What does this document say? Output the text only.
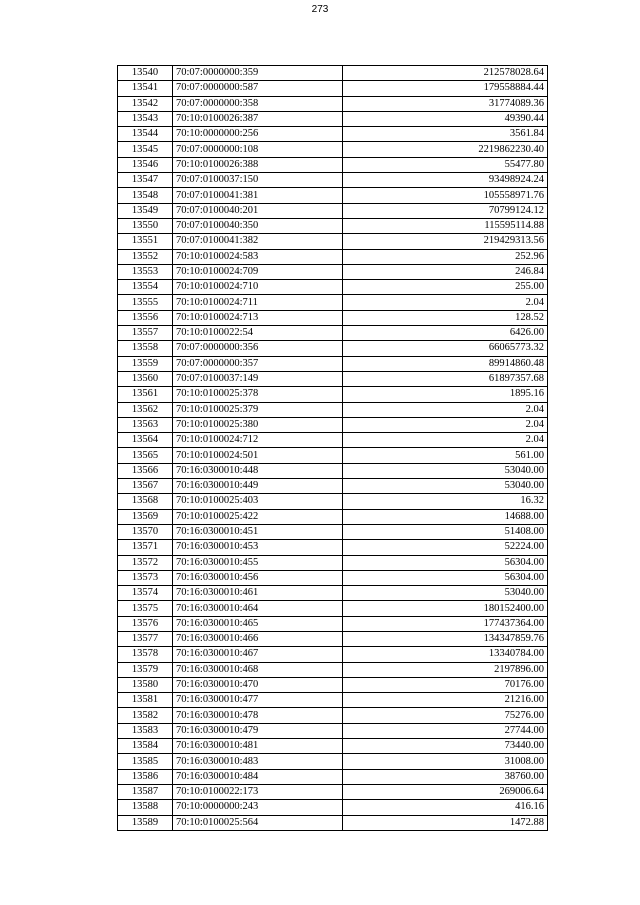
273
13540	70:07:0000000:359	212578028.64
13541	70:07:0000000:587	179558884.44
13542	70:07:0000000:358	31774089.36
13543	70:10:0100026:387	49390.44
13544	70:10:0000000:256	3561.84
13545	70:07:0000000:108	2219862230.40
13546	70:10:0100026:388	55477.80
13547	70:07:0100037:150	93498924.24
13548	70:07:0100041:381	105558971.76
13549	70:07:0100040:201	70799124.12
13550	70:07:0100040:350	115595114.88
13551	70:07:0100041:382	219429313.56
13552	70:10:0100024:583	252.96
13553	70:10:0100024:709	246.84
13554	70:10:0100024:710	255.00
13555	70:10:0100024:711	2.04
13556	70:10:0100024:713	128.52
13557	70:10:0100022:54	6426.00
13558	70:07:0000000:356	66065773.32
13559	70:07:0000000:357	89914860.48
13560	70:07:0100037:149	61897357.68
13561	70:10:0100025:378	1895.16
13562	70:10:0100025:379	2.04
13563	70:10:0100025:380	2.04
13564	70:10:0100024:712	2.04
13565	70:10:0100024:501	561.00
13566	70:16:0300010:448	53040.00
13567	70:16:0300010:449	53040.00
13568	70:10:0100025:403	16.32
13569	70:10:0100025:422	14688.00
13570	70:16:0300010:451	51408.00
13571	70:16:0300010:453	52224.00
13572	70:16:0300010:455	56304.00
13573	70:16:0300010:456	56304.00
13574	70:16:0300010:461	53040.00
13575	70:16:0300010:464	180152400.00
13576	70:16:0300010:465	177437364.00
13577	70:16:0300010:466	134347859.76
13578	70:16:0300010:467	13340784.00
13579	70:16:0300010:468	2197896.00
13580	70:16:0300010:470	70176.00
13581	70:16:0300010:477	21216.00
13582	70:16:0300010:478	75276.00
13583	70:16:0300010:479	27744.00
13584	70:16:0300010:481	73440.00
13585	70:16:0300010:483	31008.00
13586	70:16:0300010:484	38760.00
13587	70:10:0100022:173	269006.64
13588	70:10:0000000:243	416.16
13589	70:10:0100025:564	1472.88
